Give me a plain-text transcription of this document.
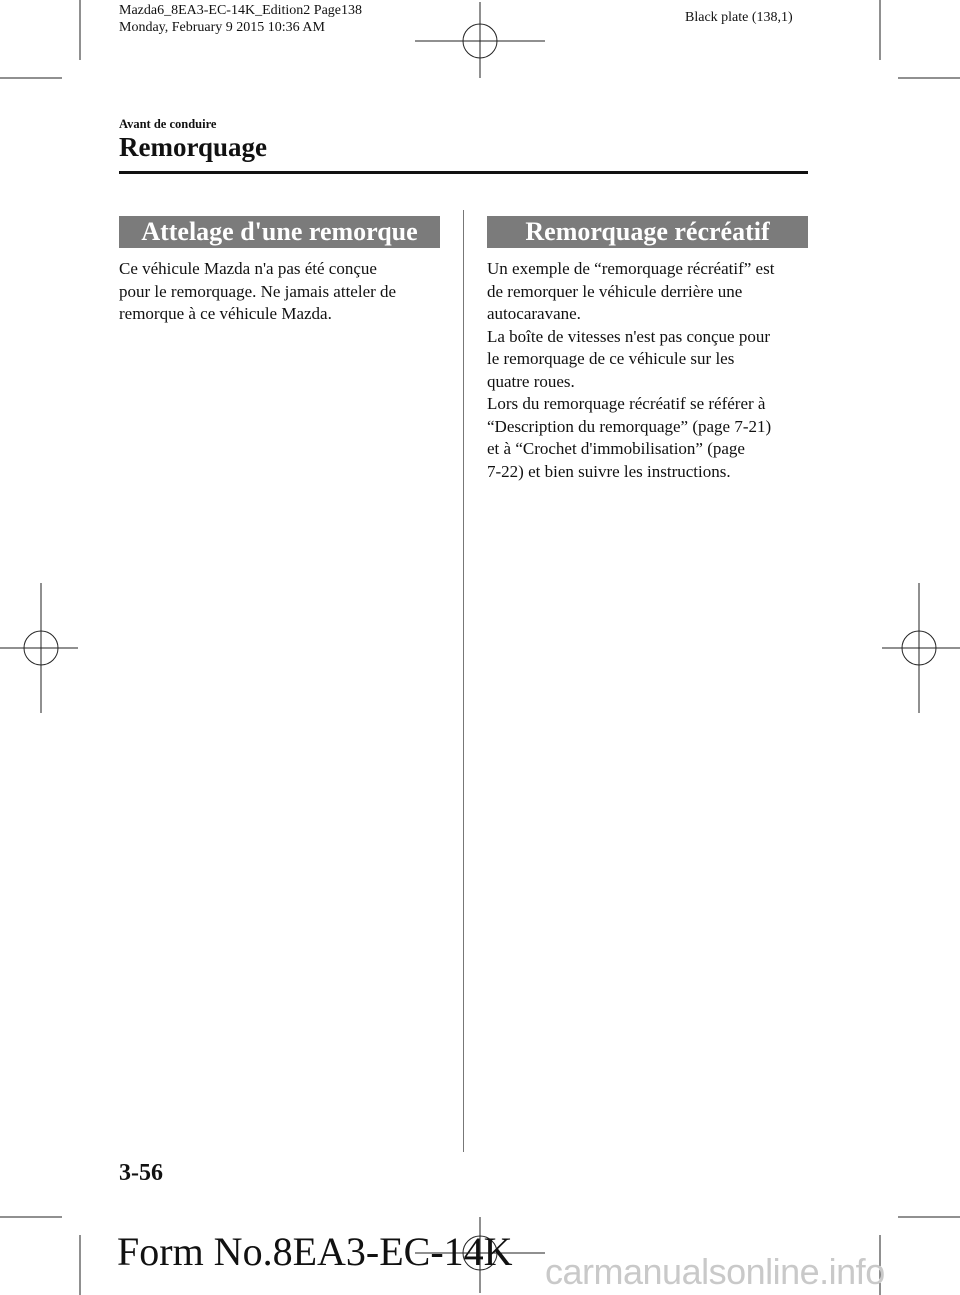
Mazda6_8EA3-EC-14K_Edition2 Page138
Monday, February 9 2015 10:36 AM
Black plate (138,1)
Avant de conduire
Remorquage
Attelage d'une remorque
Ce véhicule Mazda n'a pas été conçue
pour le remorquage. Ne jamais atteler de
remorque à ce véhicule Mazda.
Remorquage récréatif
Un exemple de “remorquage récréatif” est
de remorquer le véhicule derrière une
autocaravane.
La boîte de vitesses n'est pas conçue pour
le remorquage de ce véhicule sur les
quatre roues.
Lors du remorquage récréatif se référer à
“Description du remorquage” (page 7-21)
et à “Crochet d'immobilisation” (page
7-22) et bien suivre les instructions.
3-56
Form No.8EA3-EC-14K carmanualsonline.info
